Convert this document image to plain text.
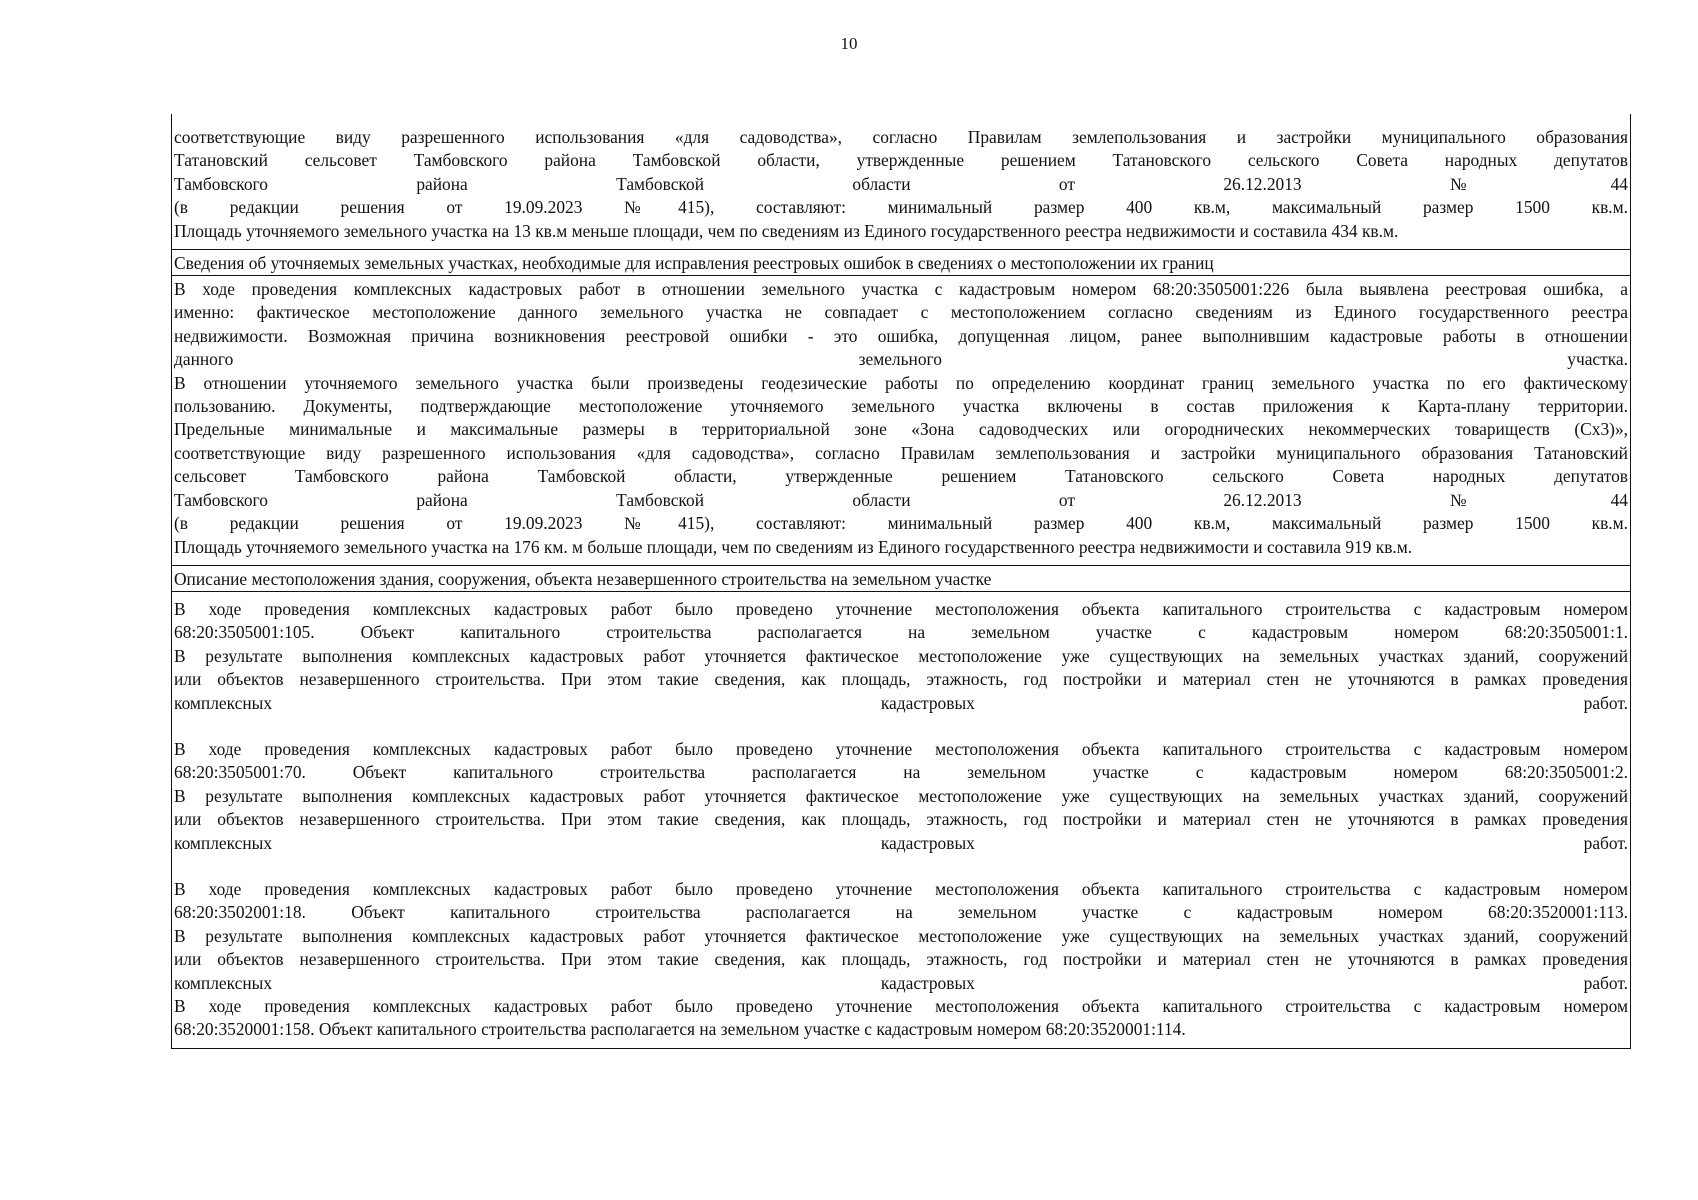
10

соответствующие виду разрешенного использования «для садоводства», согласно Правилам землепользования и застройки муниципального образования

Татановский сельсовет Тамбовского района Тамбовской области, утвержденные решением Татановского сельского Совета народных депутатов

Тамбовского района Тамбовской области от 26.12.2013 №44

(в редакции решения от 19.09.2023 №415), составляют: минимальный размер 400 кв.м, максимальный размер 1500 кв.м.

Площадь уточняемого земельного участка на 13 кв.м меньше площади, чем по сведениям из Единого государственного реестра недвижимости и составила 434 кв.м.

Сведения об уточняемых земельных участках, необходимые для исправления реестровых ошибок в сведениях о местоположении их границ

В ходе проведения комплексных кадастровых работ в отношении земельного участка с кадастровым номером 68:20:3505001:226 была выявлена реестровая ошибка, а

именно: фактическое местоположение данного земельного участка не совпадает с местоположением согласно сведениям из Единого государственного реестра

недвижимости. Возможная причина возникновения реестровой ошибки - это ошибка, допущенная лицом, ранее выполнившим кадастровые работы в отношении

данного земельного участка.

В отношении уточняемого земельного участка были произведены геодезические работы по определению координат границ земельного участка по его фактическому

пользованию. Документы, подтверждающие местоположение уточняемого земельного участка включены в состав приложения к Карта-плану территории.

Предельные минимальные и максимальные размеры в территориальной зоне «Зона садоводческих или огороднических некоммерческих товариществ (Сх3)»,

соответствующие виду разрешенного использования «для садоводства», согласно Правилам землепользования и застройки муниципального образования Татановский

сельсовет Тамбовского района Тамбовской области, утвержденные решением Татановского сельского Совета народных депутатов

Тамбовского района Тамбовской области от 26.12.2013 №44

(в редакции решения от 19.09.2023 №415), составляют: минимальный размер 400 кв.м, максимальный размер 1500 кв.м.

Площадь уточняемого земельного участка на 176 км. м больше площади, чем по сведениям из Единого государственного реестра недвижимости и составила 919 кв.м.

Описание местоположения здания, сооружения, объекта незавершенного строительства на земельном участке

В ходе проведения комплексных кадастровых работ было проведено уточнение местоположения объекта капитального строительства с кадастровым номером

68:20:3505001:105. Объект капитального строительства располагается на земельном участке с кадастровым номером 68:20:3505001:1.

В результате выполнения комплексных кадастровых работ уточняется фактическое местоположение уже существующих на земельных участках зданий, сооружений

или объектов незавершенного строительства. При этом такие сведения, как площадь, этажность, год постройки и материал стен не уточняются в рамках проведения

комплексных кадастровых работ.

В ходе проведения комплексных кадастровых работ было проведено уточнение местоположения объекта капитального строительства с кадастровым номером

68:20:3505001:70. Объект капитального строительства располагается на земельном участке с кадастровым номером 68:20:3505001:2.

В результате выполнения комплексных кадастровых работ уточняется фактическое местоположение уже существующих на земельных участках зданий, сооружений

или объектов незавершенного строительства. При этом такие сведения, как площадь, этажность, год постройки и материал стен не уточняются в рамках проведения

комплексных кадастровых работ.

В ходе проведения комплексных кадастровых работ было проведено уточнение местоположения объекта капитального строительства с кадастровым номером

68:20:3502001:18. Объект капитального строительства располагается на земельном участке с кадастровым номером 68:20:3520001:113.

В результате выполнения комплексных кадастровых работ уточняется фактическое местоположение уже существующих на земельных участках зданий, сооружений

или объектов незавершенного строительства. При этом такие сведения, как площадь, этажность, год постройки и материал стен не уточняются в рамках проведения

комплексных кадастровых работ.

В ходе проведения комплексных кадастровых работ было проведено уточнение местоположения объекта капитального строительства с кадастровым номером

68:20:3520001:158. Объект капитального строительства располагается на земельном участке с кадастровым номером 68:20:3520001:114.
